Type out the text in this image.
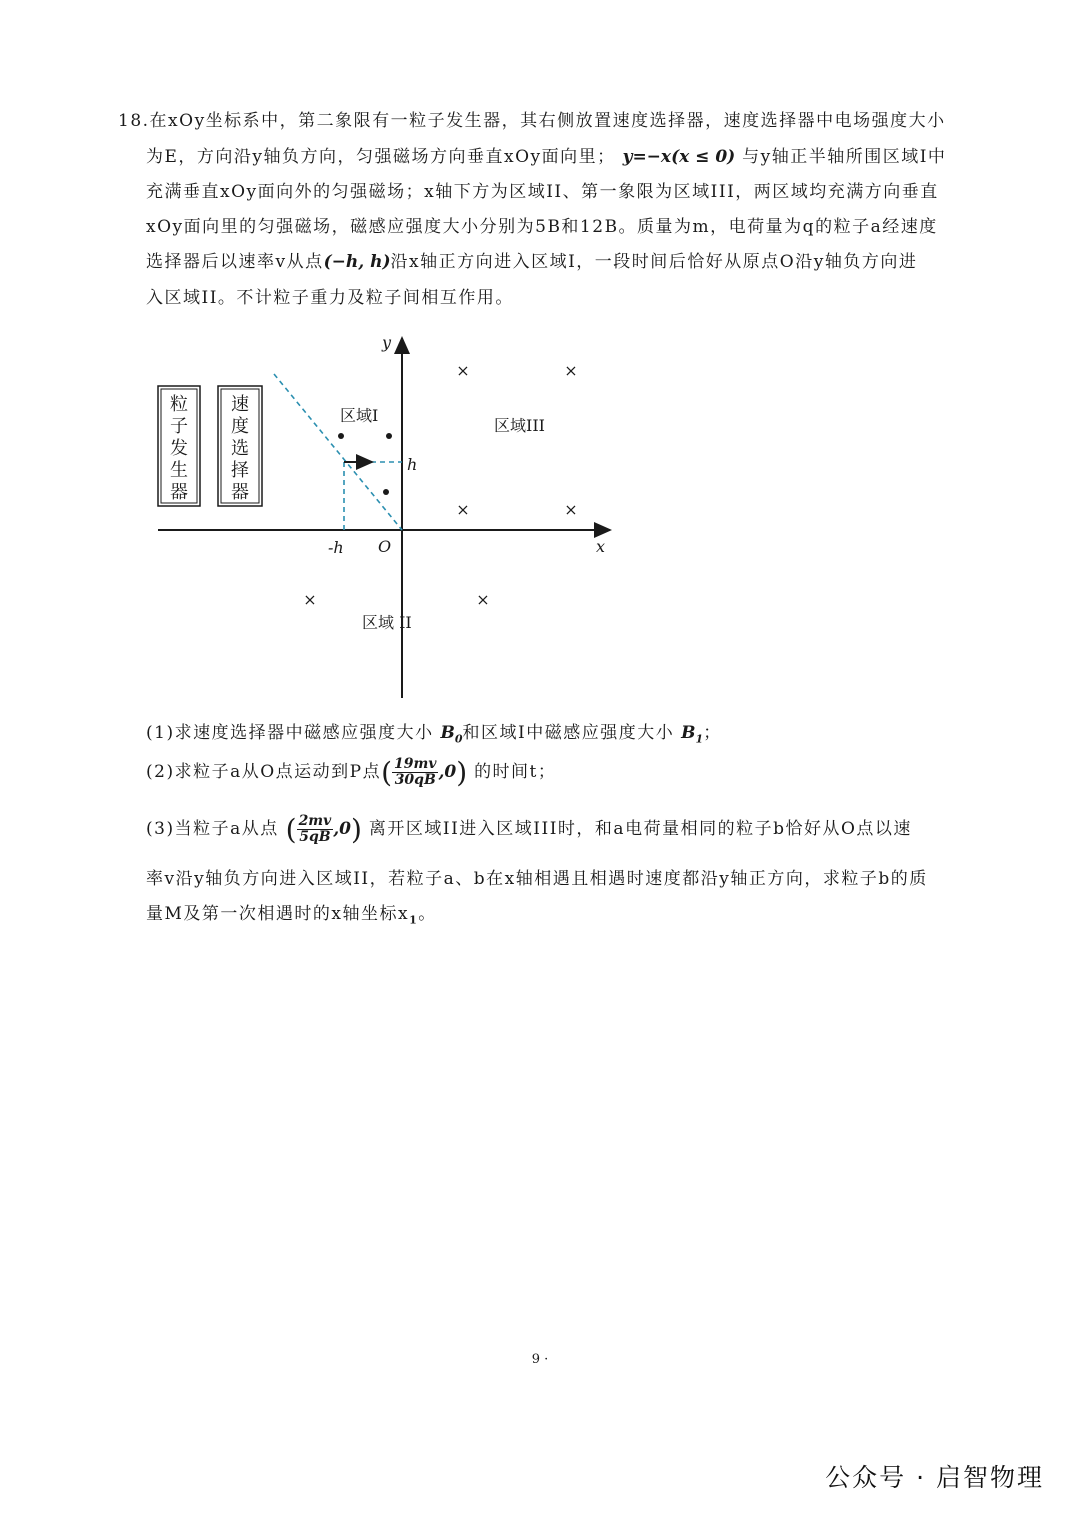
18.在xOy坐标系中，第二象限有一粒子发生器，其右侧放置速度选择器，速度选择器中电场强度大小
为E，方向沿y轴负方向，匀强磁场方向垂直xOy面向里； y=−x(x ≤ 0) 与y轴正半轴所围区域I中
充满垂直xOy面向外的匀强磁场；x轴下方为区域II、第一象限为区域III，两区域均充满方向垂直
xOy面向里的匀强磁场，磁感应强度大小分别为5B和12B。质量为m，电荷量为q的粒子a经速度
选择器后以速率v从点(−h, h)沿x轴正方向进入区域I，一段时间后恰好从原点O沿y轴负方向进
入区域II。不计粒子重力及粒子间相互作用。
粒
子
发
生
器
速
度
选
择
器
×	×
×	×
×	×
y
x
O
h
-h
区域I
区域III
区域 II
(1)求速度选择器中磁感应强度大小 $B_0$和区域I中磁感应强度大小 $B_1$；
(2)求粒子a从O点运动到P点( $\frac{19mv}{30qB} ,0$) 的时间t；
(3)当粒子a从点 ( $\frac{2mv}{5qB} ,0$) 离开区域II进入区域III时，和a电荷量相同的粒子b恰好从O点以速
率v沿y轴负方向进入区域II，若粒子a、b在x轴相遇且相遇时速度都沿y轴正方向，求粒子b的质
量M及第一次相遇时的x轴坐标$x_1$。
9 ·
公众号 · 启智物理
